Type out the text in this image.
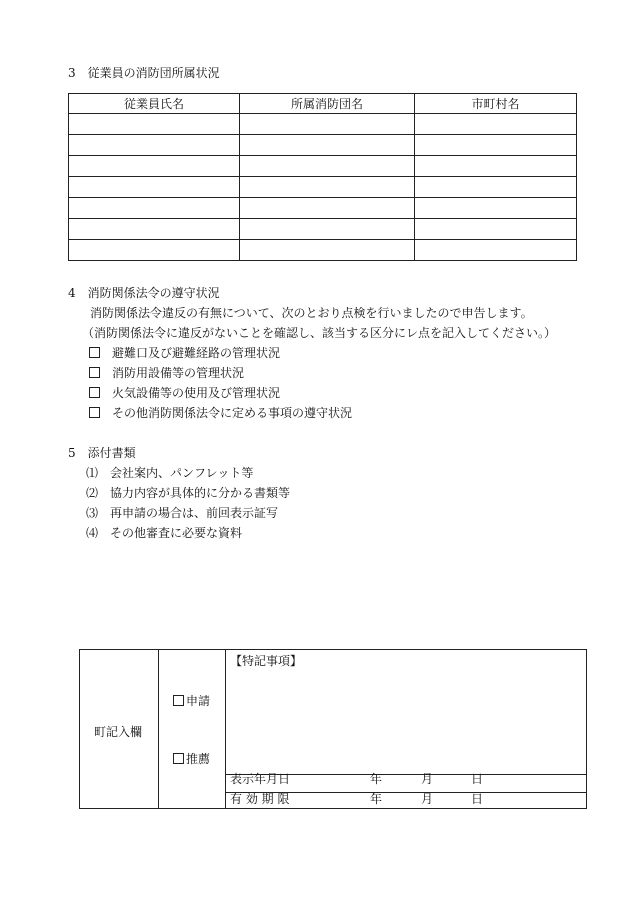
3　従業員の消防団所属状況
従業員氏名	所属消防団名	市町村名

4　消防関係法令の遵守状況
消防関係法令違反の有無について、次のとおり点検を行いましたので申告します。
（消防関係法令に違反がないことを確認し、該当する区分にレ点を記入してください。）
避難口及び避難経路の管理状況
消防用設備等の管理状況
火気設備等の使用及び管理状況
その他消防関係法令に定める事項の遵守状況
5　添付書類
⑴　会社案内、パンフレット等
⑵　協力内容が具体的に分かる書類等
⑶　再申請の場合は、前回表示証写
⑷　その他審査に必要な資料
町記入欄
申請
推薦
【特記事項】
表示年月日	年	月	日
有 効 期 限	年	月	日
